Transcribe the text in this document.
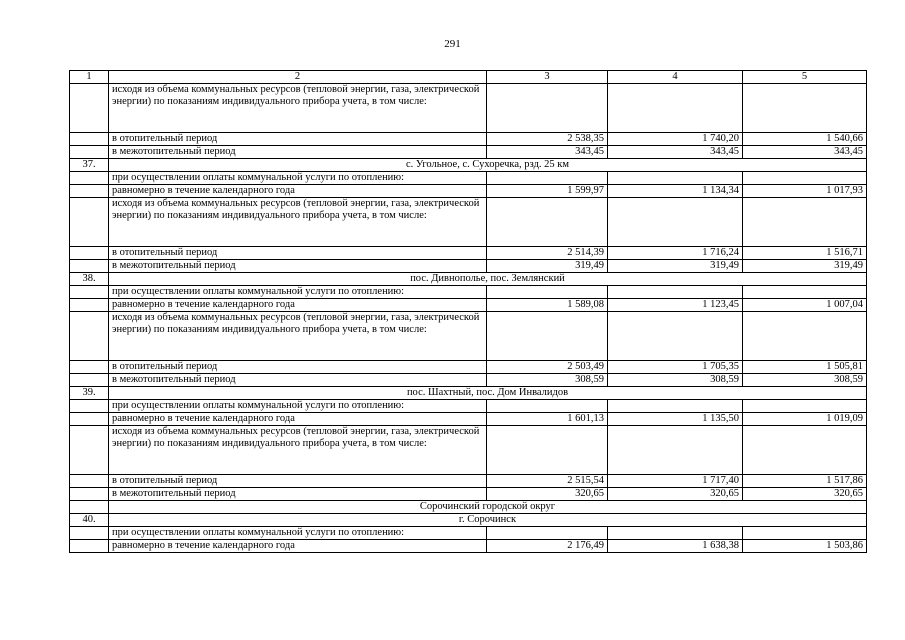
291
1	2	3	4	5
	исходя из объема коммунальных ресурсов (тепловой энергии, газа, электрической энергии) по показаниям индивидуального прибора учета, в том числе:			
	в отопительный период	2 538,35	1 740,20	1 540,66
	в межотопительный период	343,45	343,45	343,45
37.	с. Угольное, с. Сухоречка, рзд. 25 км			
	при осуществлении оплаты коммунальной услуги по отоплению:			
	равномерно в течение календарного года	1 599,97	1 134,34	1 017,93
	исходя из объема коммунальных ресурсов (тепловой энергии, газа, электрической энергии) по показаниям индивидуального прибора учета, в том числе:			
	в отопительный период	2 514,39	1 716,24	1 516,71
	в межотопительный период	319,49	319,49	319,49
38.	пос. Дивнополье, пос. Землянский			
	при осуществлении оплаты коммунальной услуги по отоплению:			
	равномерно в течение календарного года	1 589,08	1 123,45	1 007,04
	исходя из объема коммунальных ресурсов (тепловой энергии, газа, электрической энергии) по показаниям индивидуального прибора учета, в том числе:			
	в отопительный период	2 503,49	1 705,35	1 505,81
	в межотопительный период	308,59	308,59	308,59
39.	пос. Шахтный, пос. Дом Инвалидов			
	при осуществлении оплаты коммунальной услуги по отоплению:			
	равномерно в течение календарного года	1 601,13	1 135,50	1 019,09
	исходя из объема коммунальных ресурсов (тепловой энергии, газа, электрической энергии) по показаниям индивидуального прибора учета, в том числе:			
	в отопительный период	2 515,54	1 717,40	1 517,86
	в межотопительный период	320,65	320,65	320,65
	Сорочинский городской округ			
40.	г. Сорочинск			
	при осуществлении оплаты коммунальной услуги по отоплению:			
	равномерно в течение календарного года	2 176,49	1 638,38	1 503,86
